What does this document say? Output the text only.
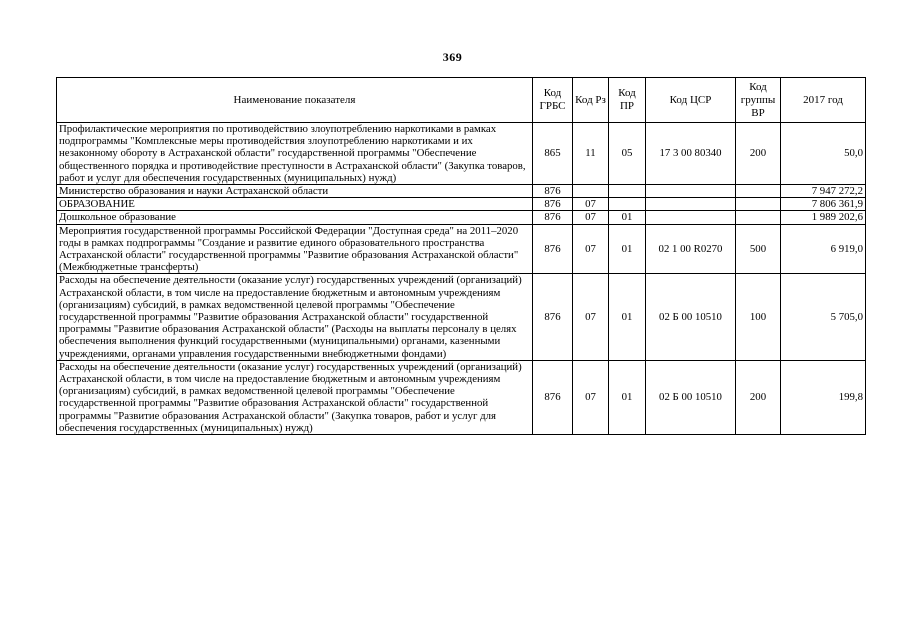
369
Наименование показателя	Код ГРБС	Код Рз	Код ПР	Код ЦСР	Код группы ВР	2017 год
Профилактические мероприятия по противодействию злоупотреблению наркотиками в рамках подпрограммы "Комплексные меры противодействия злоупотреблению наркотиками и их незаконному обороту в Астраханской области" государственной программы "Обеспечение общественного порядка и противодействие преступности в Астраханской области" (Закупка товаров, работ и услуг для обеспечения государственных (муниципальных) нужд)	865	11	05	17 3 00 80340	200	50,0
Министерство образования и науки Астраханской области	876					7 947 272,2
ОБРАЗОВАНИЕ	876	07				7 806 361,9
Дошкольное образование	876	07	01			1 989 202,6
Мероприятия государственной программы Российской Федерации "Доступная среда" на 2011–2020 годы в рамках подпрограммы "Создание и развитие единого образовательного пространства Астраханской области" государственной программы "Развитие образования Астраханской области" (Межбюджетные трансферты)	876	07	01	02 1 00 R0270	500	6 919,0
Расходы на обеспечение деятельности (оказание услуг) государственных учреждений (организаций) Астраханской области, в том числе на предоставление бюджетным и автономным учреждениям (организациям) субсидий, в рамках ведомственной целевой программы "Обеспечение государственной программы "Развитие образования Астраханской области" государственной программы "Развитие образования Астраханской области" (Расходы на выплаты персоналу в целях обеспечения выполнения функций государственными (муниципальными) органами, казенными учреждениями, органами управления государственными внебюджетными фондами)	876	07	01	02 Б 00 10510	100	5 705,0
Расходы на обеспечение деятельности (оказание услуг) государственных учреждений (организаций) Астраханской области, в том числе на предоставление бюджетным и автономным учреждениям (организациям) субсидий, в рамках ведомственной целевой программы "Обеспечение государственной программы "Развитие образования Астраханской области" государственной программы "Развитие образования Астраханской области" (Закупка товаров, работ и услуг для обеспечения государственных (муниципальных) нужд)	876	07	01	02 Б 00 10510	200	199,8
